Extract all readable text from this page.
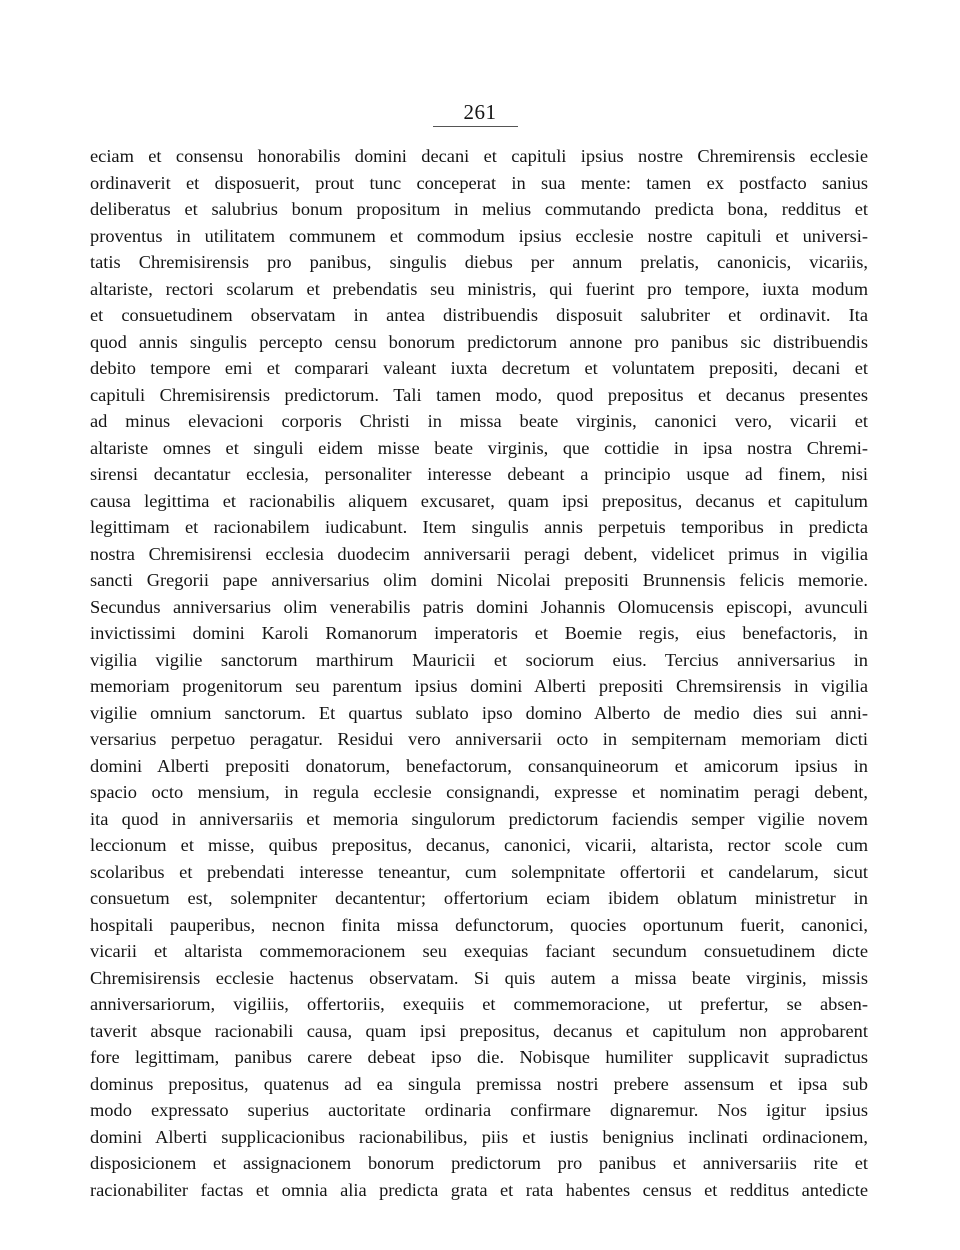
261
eciam et consensu honorabilis domini decani et capituli ipsius nostre Chremirensis ecclesie
ordinaverit et disposuerit, prout tunc conceperat in sua mente: tamen ex postfacto sanius
deliberatus et salubrius bonum propositum in melius commutando predicta bona, redditus et
proventus in utilitatem communem et commodum ipsius ecclesie nostre capituli et universi-
tatis Chremisirensis pro panibus, singulis diebus per annum prelatis, canonicis, vicariis,
altariste, rectori scolarum et prebendatis seu ministris, qui fuerint pro tempore, iuxta modum
et consuetudinem observatam in antea distribuendis disposuit salubriter et ordinavit. Ita
quod annis singulis percepto censu bonorum predictorum annone pro panibus sic distribuendis
debito tempore emi et comparari valeant iuxta decretum et voluntatem prepositi, decani et
capituli Chremisirensis predictorum. Tali tamen modo, quod prepositus et decanus presentes
ad minus elevacioni corporis Christi in missa beate virginis, canonici vero, vicarii et
altariste omnes et singuli eidem misse beate virginis, que cottidie in ipsa nostra Chremi-
sirensi decantatur ecclesia, personaliter interesse debeant a principio usque ad finem, nisi
causa legittima et racionabilis aliquem excusaret, quam ipsi prepositus, decanus et capitulum
legittimam et racionabilem iudicabunt. Item singulis annis perpetuis temporibus in predicta
nostra Chremisirensi ecclesia duodecim anniversarii peragi debent, videlicet primus in vigilia
sancti Gregorii pape anniversarius olim domini Nicolai prepositi Brunnensis felicis memorie.
Secundus anniversarius olim venerabilis patris domini Johannis Olomucensis episcopi, avunculi
invictissimi domini Karoli Romanorum imperatoris et Boemie regis, eius benefactoris, in
vigilia vigilie sanctorum marthirum Mauricii et sociorum eius. Tercius anniversarius in
memoriam progenitorum seu parentum ipsius domini Alberti prepositi Chremsirensis in vigilia
vigilie omnium sanctorum. Et quartus sublato ipso domino Alberto de medio dies sui anni-
versarius perpetuo peragatur. Residui vero anniversarii octo in sempiternam memoriam dicti
domini Alberti prepositi donatorum, benefactorum, consanquineorum et amicorum ipsius in
spacio octo mensium, in regula ecclesie consignandi, expresse et nominatim peragi debent,
ita quod in anniversariis et memoria singulorum predictorum faciendis semper vigilie novem
leccionum et misse, quibus prepositus, decanus, canonici, vicarii, altarista, rector scole cum
scolaribus et prebendati interesse teneantur, cum solempnitate offertorii et candelarum, sicut
consuetum est, solempniter decantentur; offertorium eciam ibidem oblatum ministretur in
hospitali pauperibus, necnon finita missa defunctorum, quocies oportunum fuerit, canonici,
vicarii et altarista commemoracionem seu exequias faciant secundum consuetudinem dicte
Chremisirensis ecclesie hactenus observatam. Si quis autem a missa beate virginis, missis
anniversariorum, vigiliis, offertoriis, exequiis et commemoracione, ut prefertur, se absen-
taverit absque racionabili causa, quam ipsi prepositus, decanus et capitulum non approbarent
fore legittimam, panibus carere debeat ipso die. Nobisque humiliter supplicavit supradictus
dominus prepositus, quatenus ad ea singula premissa nostri prebere assensum et ipsa sub
modo expressato superius auctoritate ordinaria confirmare dignaremur. Nos igitur ipsius
domini Alberti supplicacionibus racionabilibus, piis et iustis benignius inclinati ordinacionem,
disposicionem et assignacionem bonorum predictorum pro panibus et anniversariis rite et
racionabiliter factas et omnia alia predicta grata et rata habentes census et redditus antedicte
